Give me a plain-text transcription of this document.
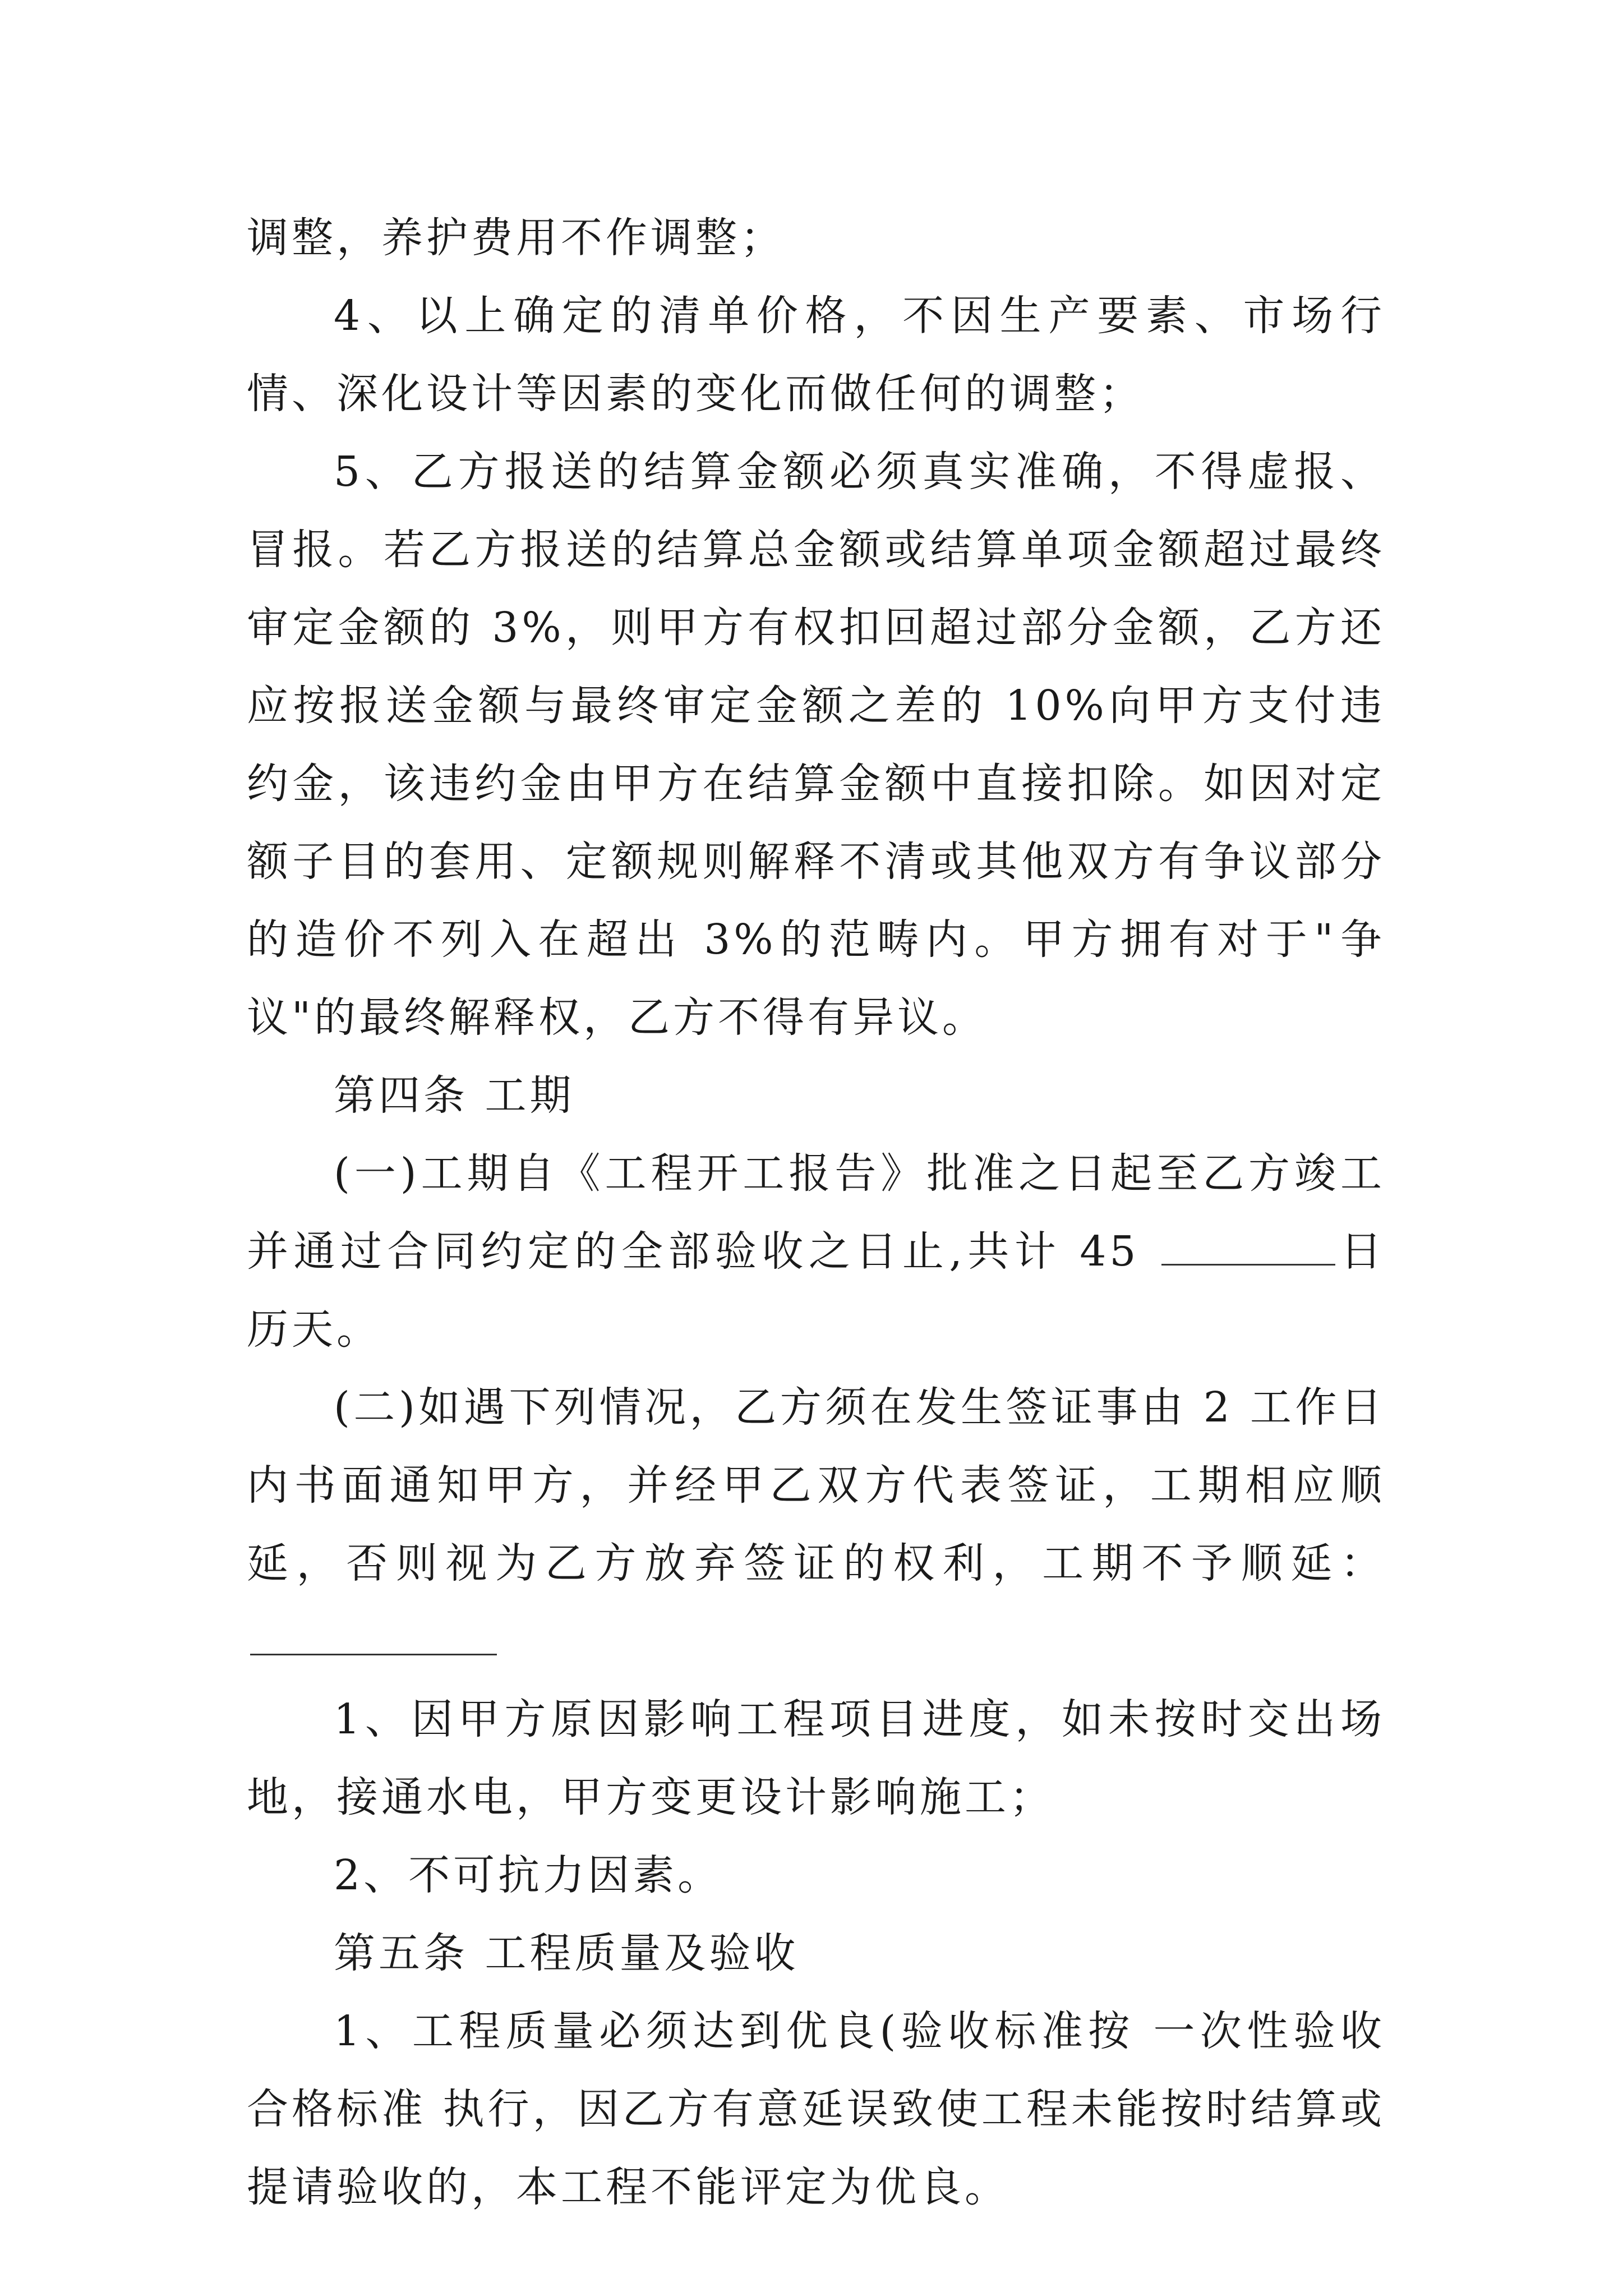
调整，养护费用不作调整；

4、以上确定的清单价格，不因生产要素、市场行情、深化设计等因素的变化而做任何的调整；

5、乙方报送的结算金额必须真实准确，不得虚报、冒报。若乙方报送的结算总金额或结算单项金额超过最终审定金额的 3%，则甲方有权扣回超过部分金额，乙方还应按报送金额与最终审定金额之差的 10%向甲方支付违约金，该违约金由甲方在结算金额中直接扣除。如因对定额子目的套用、定额规则解释不清或其他双方有争议部分的造价不列入在超出 3%的范畴内。甲方拥有对于"争议"的最终解释权，乙方不得有异议。

第四条 工期

(一)工期自《工程开工报告》批准之日起至乙方竣工并通过合同约定的全部验收之日止,共计 45	日历天。

(二)如遇下列情况，乙方须在发生签证事由 2 工作日内书面通知甲方，并经甲乙双方代表签证，工期相应顺延，否则视为乙方放弃签证的权利，工期不予顺延：

1、因甲方原因影响工程项目进度，如未按时交出场地，接通水电，甲方变更设计影响施工；

2、不可抗力因素。

第五条 工程质量及验收

1、工程质量必须达到优良(验收标准按 一次性验收合格标准 执行，因乙方有意延误致使工程未能按时结算或提请验收的，本工程不能评定为优良。
